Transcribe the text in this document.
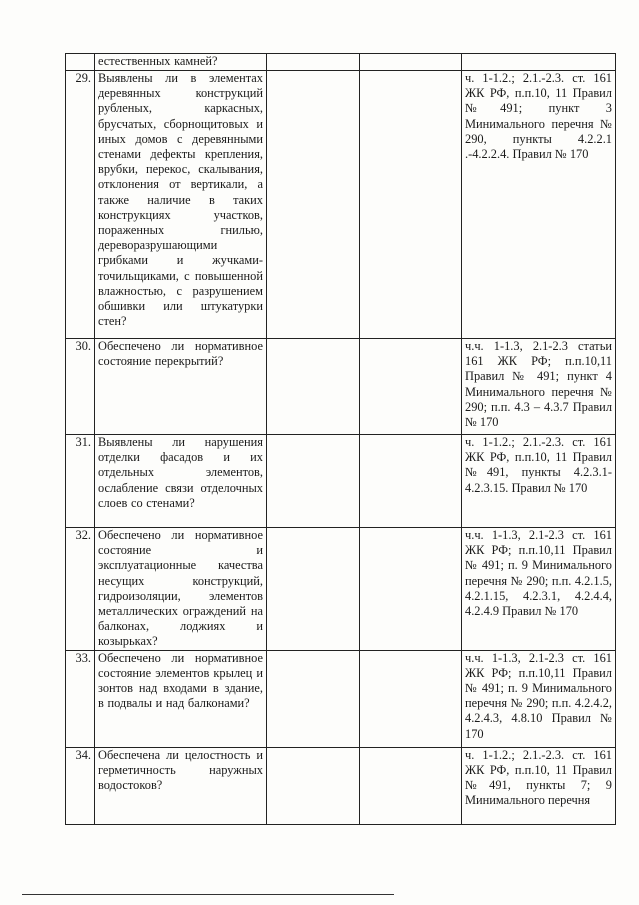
	естественных камней?			
29.	Выявлены ли в элементах деревянных конструкций рубленых, каркасных, брусчатых, сборнощитовых и иных домов с деревянными стенами дефекты крепления, врубки, перекос, скалывания, отклонения от вертикали, а также наличие в таких конструкциях участков, пораженных гнилью, дереворазрушающими грибками и жучками-точильщиками, с повышенной влажностью, с разрушением обшивки или штукатурки стен?			ч. 1-1.2.; 2.1.-2.3. ст. 161 ЖК РФ, п.п.10, 11 Правил №491; пункт 3 Минимального перечня № 290, пункты 4.2.2.1 .-4.2.2.4. Правил № 170
30.	Обеспечено ли нормативное состояние перекрытий?			ч.ч. 1-1.3, 2.1-2.3 статьи 161 ЖК РФ; п.п.10,11 Правил № 491; пункт 4 Минимального перечня № 290; п.п. 4.3 – 4.3.7 Правил № 170
31.	Выявлены ли нарушения отделки фасадов и их отдельных элементов, ослабление связи отделочных слоев со стенами?			ч. 1-1.2.; 2.1.-2.3. ст. 161 ЖК РФ, п.п.10, 11 Правил №491, пункты 4.2.3.1- 4.2.3.15. Правил № 170
32.	Обеспечено ли нормативное состояние и эксплуатационные качества несущих конструкций, гидроизоляции, элементов металлических ограждений на балконах, лоджиях и козырьках?			ч.ч. 1-1.3, 2.1-2.3 ст. 161 ЖК РФ; п.п.10,11 Правил № 491; п. 9 Минимального перечня № 290; п.п. 4.2.1.5, 4.2.1.15, 4.2.3.1, 4.2.4.4, 4.2.4.9 Правил № 170
33.	Обеспечено ли нормативное состояние элементов крылец и зонтов над входами в здание, в подвалы и над балконами?			ч.ч. 1-1.3, 2.1-2.3 ст. 161 ЖК РФ; п.п.10,11 Правил № 491; п. 9 Минимального перечня № 290; п.п. 4.2.4.2, 4.2.4.3, 4.8.10 Правил № 170
34.	Обеспечена ли целостность и герметичность наружных водостоков?			ч. 1-1.2.; 2.1.-2.3. ст. 161 ЖК РФ, п.п.10, 11 Правил №491, пункты 7; 9 Минимального перечня
